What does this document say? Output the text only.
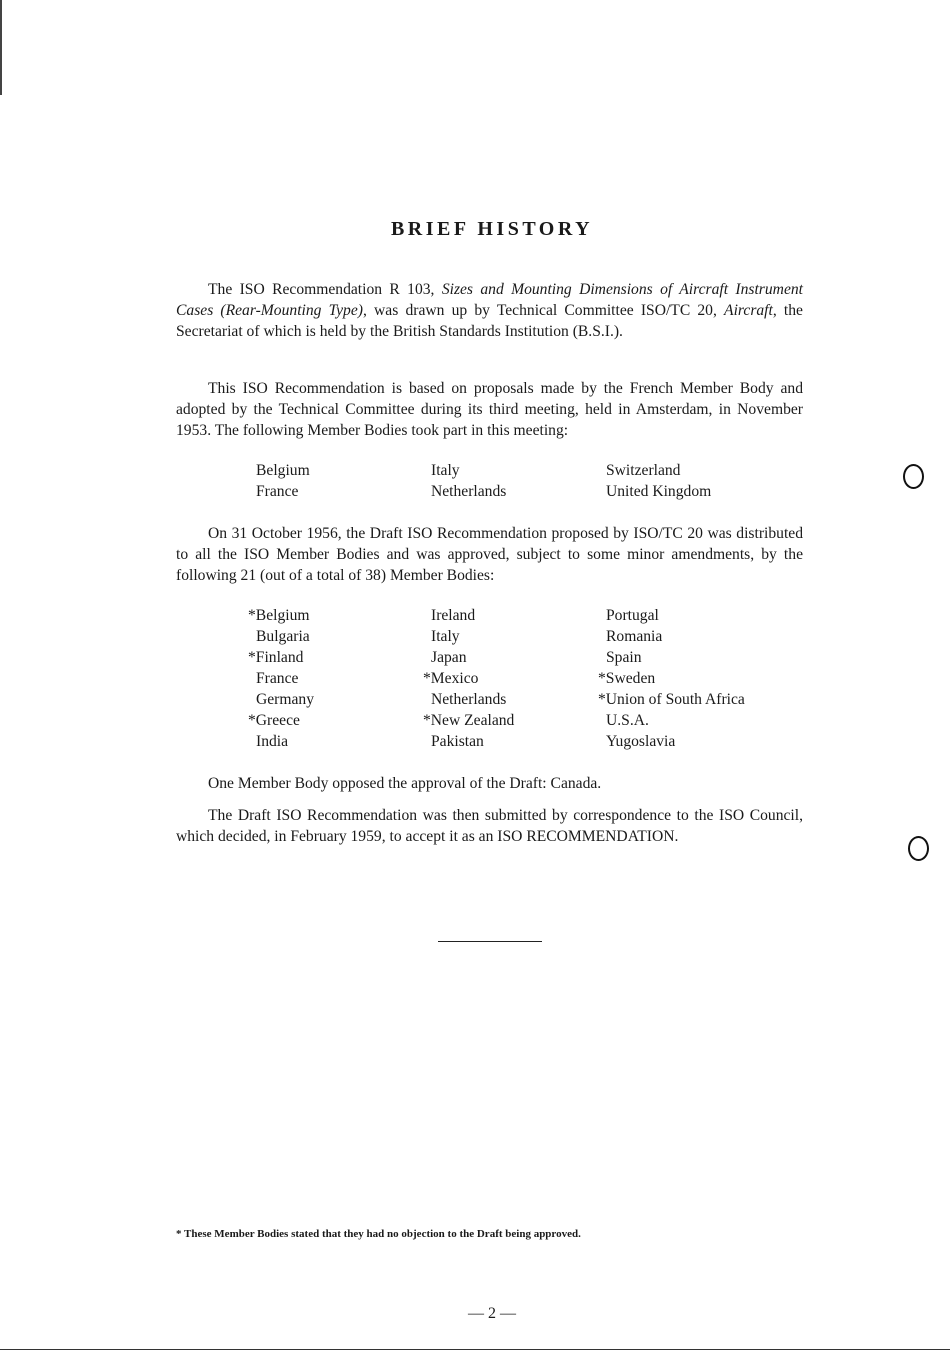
BRIEF HISTORY

The ISO Recommendation R 103, Sizes and Mounting Dimensions of Aircraft Instrument Cases (Rear-Mounting Type), was drawn up by Technical Committee ISO/TC 20, Aircraft, the Secretariat of which is held by the British Standards Institution (B.S.I.).

This ISO Recommendation is based on proposals made by the French Member Body and adopted by the Technical Committee during its third meeting, held in Amsterdam, in November 1953. The following Member Bodies took part in this meeting:

Belgium
France
Italy
Netherlands
Switzerland
United Kingdom

On 31 October 1956, the Draft ISO Recommendation proposed by ISO/TC 20 was distributed to all the ISO Member Bodies and was approved, subject to some minor amendments, by the following 21 (out of a total of 38) Member Bodies:

*Belgium
Bulgaria
*Finland
France
Germany
*Greece
India
Ireland
Italy
Japan
*Mexico
Netherlands
*New Zealand
Pakistan
Portugal
Romania
Spain
*Sweden
*Union of South Africa
U.S.A.
Yugoslavia

One Member Body opposed the approval of the Draft: Canada.

The Draft ISO Recommendation was then submitted by correspondence to the ISO Council, which decided, in February 1959, to accept it as an ISO RECOMMENDATION.

* These Member Bodies stated that they had no objection to the Draft being approved.
— 2 —
